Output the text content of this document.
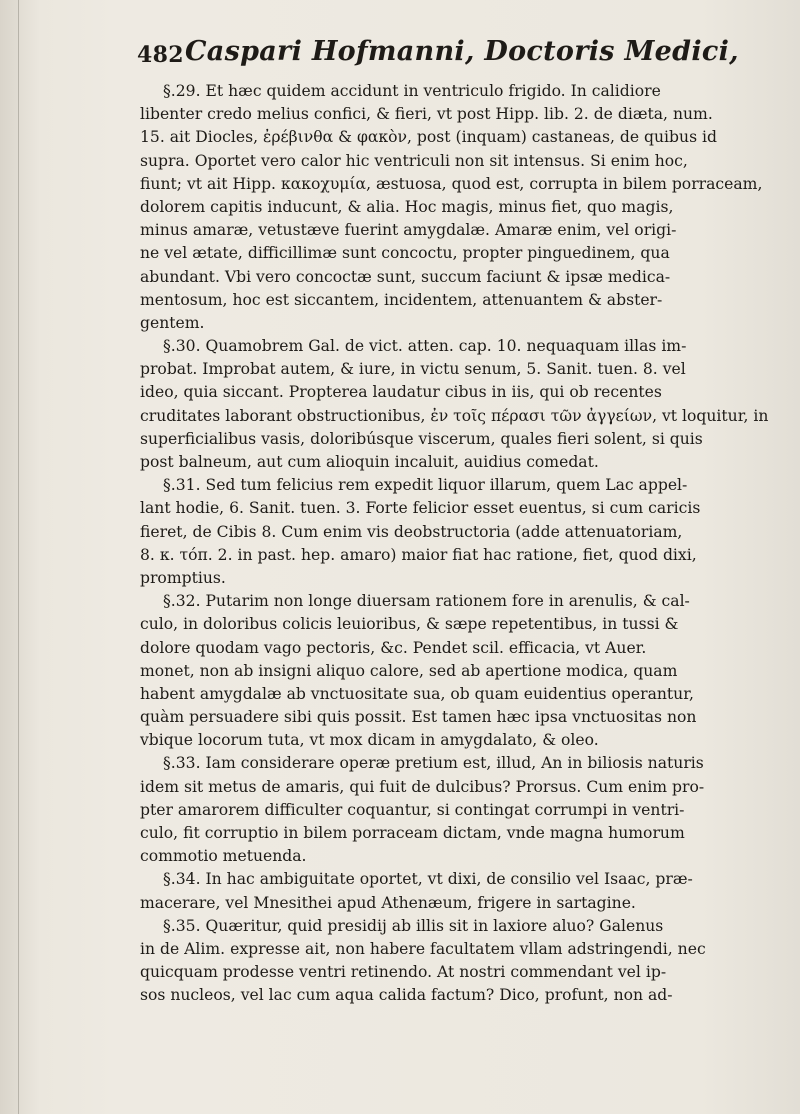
482 Caspari Hofmanni, Doctoris Medici,
§.29. Et hæc quidem accidunt in ventriculo frigido. In calidiore
libenter credo melius confici, & fieri, vt post Hipp. lib. 2. de diæta, num.
15. ait Diocles, ἐρέβινθα & φακὸν, post (inquam) castaneas, de quibus id
supra. Oportet vero calor hic ventriculi non sit intensus. Si enim hoc,
fiunt; vt ait Hipp. κακοχυμία, æstuosa, quod est, corrupta in bilem porraceam,
dolorem capitis inducunt, & alia. Hoc magis, minus fiet, quo magis,
minus amaræ, vetustæve fuerint amygdalæ. Amaræ enim, vel origi-
ne vel ætate, difficillimæ sunt concoctu, propter pinguedinem, qua
abundant. Vbi vero concoctæ sunt, succum faciunt & ipsæ medica-
mentosum, hoc est siccantem, incidentem, attenuantem & abster-
gentem.
§.30. Quamobrem Gal. de vict. atten. cap. 10. nequaquam illas im-
probat. Improbat autem, & iure, in victu senum, 5. Sanit. tuen. 8. vel
ideo, quia siccant. Propterea laudatur cibus in iis, qui ob recentes
cruditates laborant obstructionibus, ἐν τοῖς πέρασι τῶν ἀγγείων, vt loquitur, in
superficialibus vasis, doloribúsque viscerum, quales fieri solent, si quis
post balneum, aut cum alioquin incaluit, auidius comedat.
§.31. Sed tum felicius rem expedit liquor illarum, quem Lac appel-
lant hodie, 6. Sanit. tuen. 3. Forte felicior esset euentus, si cum caricis
fieret, de Cibis 8. Cum enim vis deobstructoria (adde attenuatoriam,
8. κ. τόπ. 2. in past. hep. amaro) maior fiat hac ratione, fiet, quod dixi,
promptius.
§.32. Putarim non longe diuersam rationem fore in arenulis, & cal-
culo, in doloribus colicis leuioribus, & sæpe repetentibus, in tussi &
dolore quodam vago pectoris, &c. Pendet scil. efficacia, vt Auer.
monet, non ab insigni aliquo calore, sed ab apertione modica, quam
habent amygdalæ ab vnctuositate sua, ob quam euidentius operantur,
quàm persuadere sibi quis possit. Est tamen hæc ipsa vnctuositas non
vbique locorum tuta, vt mox dicam in amygdalato, & oleo.
§.33. Iam considerare operæ pretium est, illud, An in biliosis naturis
idem sit metus de amaris, qui fuit de dulcibus? Prorsus. Cum enim pro-
pter amarorem difficulter coquantur, si contingat corrumpi in ventri-
culo, fit corruptio in bilem porraceam dictam, vnde magna humorum
commotio metuenda.
§.34. In hac ambiguitate oportet, vt dixi, de consilio vel Isaac, præ-
macerare, vel Mnesithei apud Athenæum, frigere in sartagine.
§.35. Quæritur, quid presidij ab illis sit in laxiore aluo? Galenus
in de Alim. expresse ait, non habere facultatem vllam adstringendi, nec
quicquam prodesse ventri retinendo. At nostri commendant vel ip-
sos nucleos, vel lac cum aqua calida factum? Dico, profunt, non ad-
